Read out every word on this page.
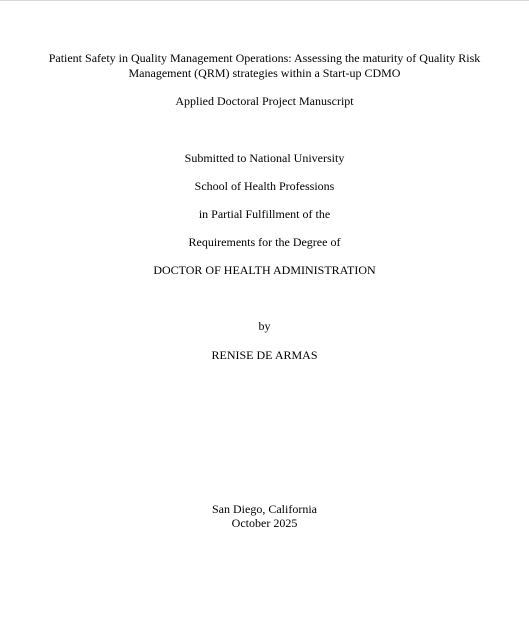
Patient Safety in Quality Management Operations: Assessing the maturity of Quality Risk
Management (QRM) strategies within a Start-up CDMO
Applied Doctoral Project Manuscript
Submitted to National University
School of Health Professions
in Partial Fulfillment of the
Requirements for the Degree of
DOCTOR OF HEALTH ADMINISTRATION
by
RENISE DE ARMAS
San Diego, California
October 2025
